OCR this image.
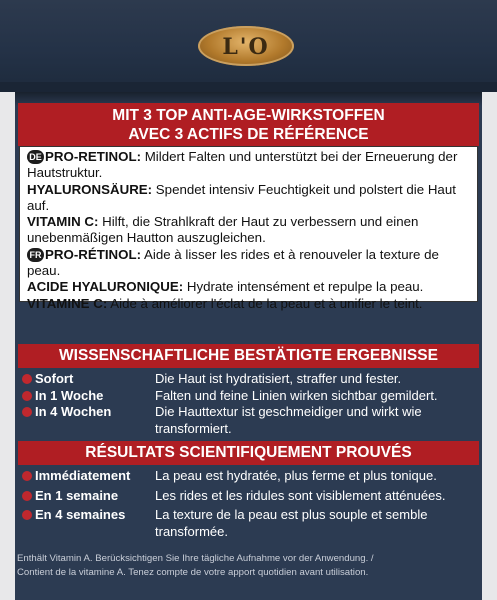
L'O
MIT 3 TOP ANTI-AGE-WIRKSTOFFEN
AVEC 3 ACTIFS DE RÉFÉRENCE

DE PRO-RETINOL: Mildert Falten und unterstützt bei der Erneuerung der Hautstruktur.

HYALURONSÄURE: Spendet intensiv Feuchtigkeit und polstert die Haut auf.

VITAMIN C: Hilft, die Strahlkraft der Haut zu verbessern und einen unebenmäßigen Hautton auszugleichen.

FR PRO-RÉTINOL: Aide à lisser les rides et à renouveler la texture de peau.

ACIDE HYALURONIQUE: Hydrate intensément et repulpe la peau.

VITAMINE C: Aide à améliorer l'éclat de la peau et à unifier le teint.

WISSENSCHAFTLICHE BESTÄTIGTE ERGEBNISSE
Sofort	Die Haut ist hydratisiert, straffer und fester.
In 1 Woche	Falten und feine Linien wirken sichtbar gemildert.
In 4 Wochen	Die Hauttextur ist geschmeidiger und wirkt wie transformiert.
RÉSULTATS SCIENTIFIQUEMENT PROUVÉS
Immédiatement La peau est hydratée, plus ferme et plus tonique.
En 1 semaine	Les rides et les ridules sont visiblement atténuées.
En 4 semaines La texture de la peau est plus souple et semble transformée.
Enthält Vitamin A. Berücksichtigen Sie Ihre tägliche Aufnahme vor der Anwendung. /
Contient de la vitamine A. Tenez compte de votre apport quotidien avant utilisation.
